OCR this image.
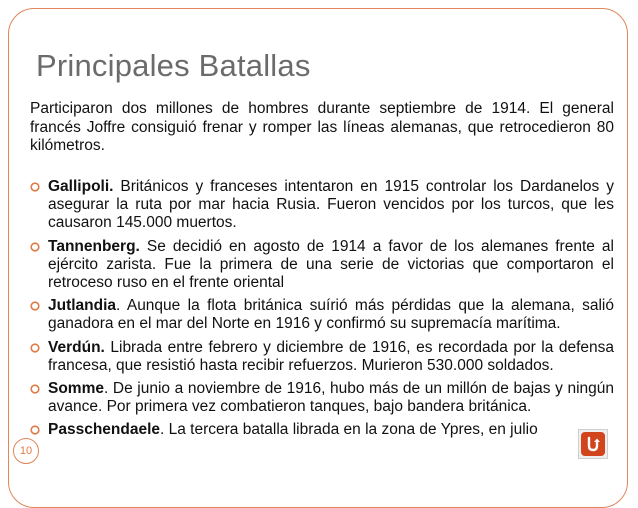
Principales Batallas

Participaron dos millones de hombres durante septiembre de 1914. El general francés Joffre consiguió frenar y romper las líneas alemanas, que retrocedieron 80 kilómetros.

Gallipoli. Británicos y franceses intentaron en 1915 controlar los Dardanelos y asegurar la ruta por mar hacia Rusia. Fueron vencidos por los turcos, que les causaron 145.000 muertos.
Tannenberg. Se decidió en agosto de 1914 a favor de los alemanes frente al ejército zarista. Fue la primera de una serie de victorias que comportaron el retroceso ruso en el frente oriental
Jutlandia. Aunque la flota británica suírió más pérdidas que la alemana, salió ganadora en el mar del Norte en 1916 y confirmó su supremacía marítima.
Verdún. Librada entre febrero y diciembre de 1916, es recordada por la defensa francesa, que resistió hasta recibir refuerzos. Murieron 530.000 soldados.
Somme. De junio a noviembre de 1916, hubo más de un millón de bajas y ningún avance. Por primera vez combatieron tanques, bajo bandera británica.
Passchendaele. La tercera batalla librada en la zona de Ypres, en julio
10
